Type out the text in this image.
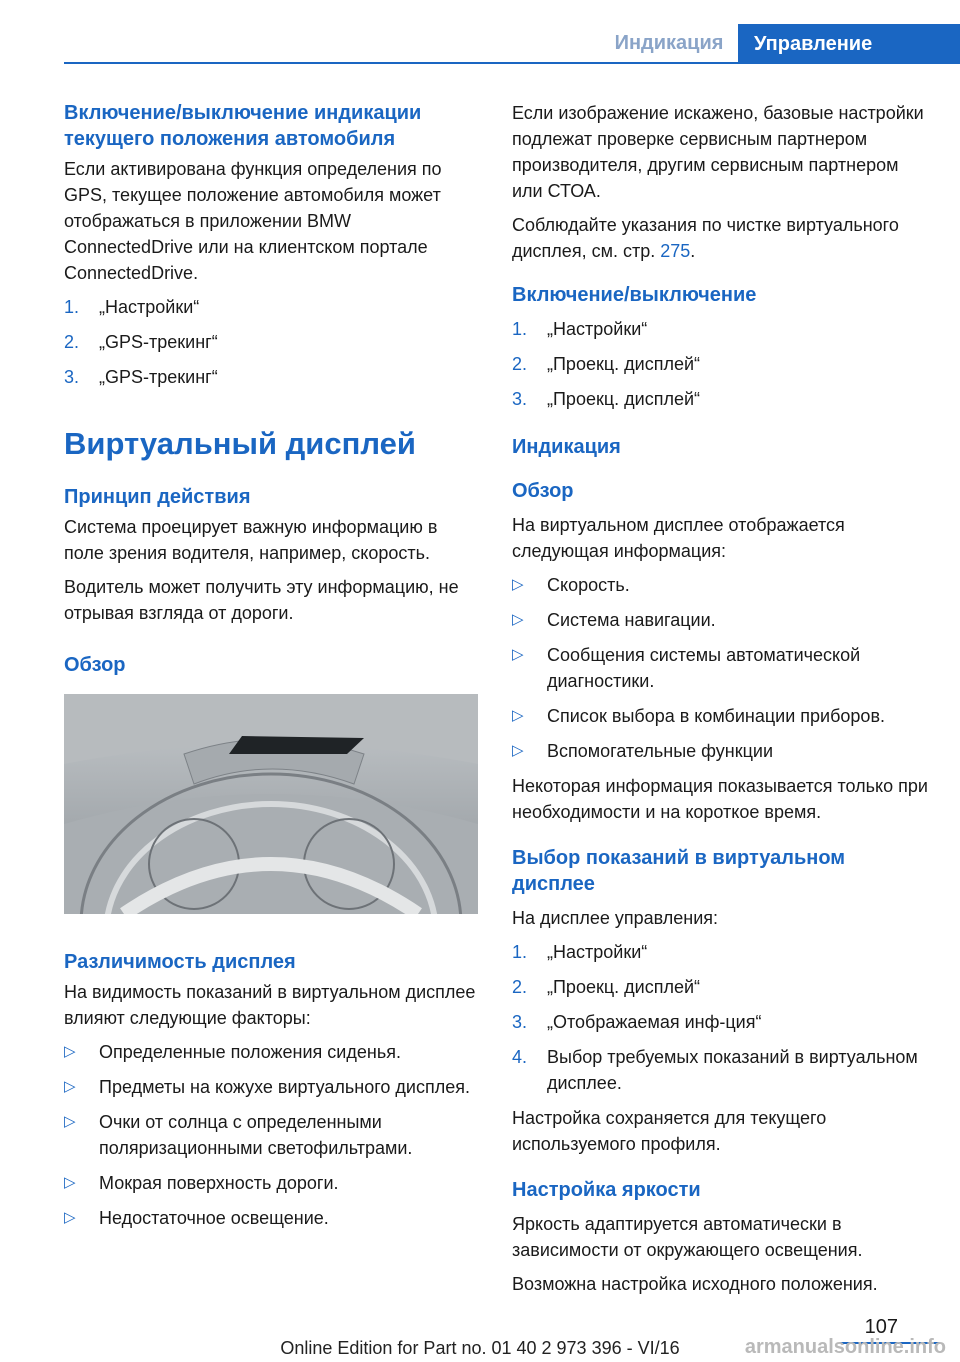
Индикация	Управление
Включение/выключение индикации текущего положения автомобиля

Если активирована функция определения по GPS, текущее положение автомобиля может отображаться в приложении BMW ConnectedDrive или на клиентском портале ConnectedDrive.

1. „Настройки“
2. „GPS-трекинг“
3. „GPS-трекинг“
Виртуальный дисплей
Принцип действия

Система проецирует важную информацию в поле зрения водителя, например, скорость.

Водитель может получить эту информацию, не отрывая взгляда от дороги.

Обзор
Различимость дисплея

На видимость показаний в виртуальном дисплее влияют следующие факторы:

▷ Определенные положения сиденья.
▷ Предметы на кожухе виртуального дисплея.
▷ Очки от солнца с определенными поляризационными светофильтрами.
▷ Мокрая поверхность дороги.
▷ Недостаточное освещение.

Если изображение искажено, базовые настройки подлежат проверке сервисным партнером производителя, другим сервисным партнером или СТОА.

Соблюдайте указания по чистке виртуального дисплея, см. стр. 275.

Включение/выключение
1. „Настройки“
2. „Проекц. дисплей“
3. „Проекц. дисплей“
Индикация
Обзор

На виртуальном дисплее отображается следующая информация:

▷ Скорость.
▷ Система навигации.
▷ Сообщения системы автоматической диагностики.
▷ Список выбора в комбинации приборов.
▷ Вспомогательные функции

Некоторая информация показывается только при необходимости и на короткое время.

Выбор показаний в виртуальном дисплее

На дисплее управления:

1. „Настройки“
2. „Проекц. дисплей“
3. „Отображаемая инф-ция“
4. Выбор требуемых показаний в виртуальном дисплее.

Настройка сохраняется для текущего используемого профиля.

Настройка яркости

Яркость адаптируется автоматически в зависимости от окружающего освещения.

Возможна настройка исходного положения.

107
Online Edition for Part no. 01 40 2 973 396 - VI/16	armanualsonline.info
